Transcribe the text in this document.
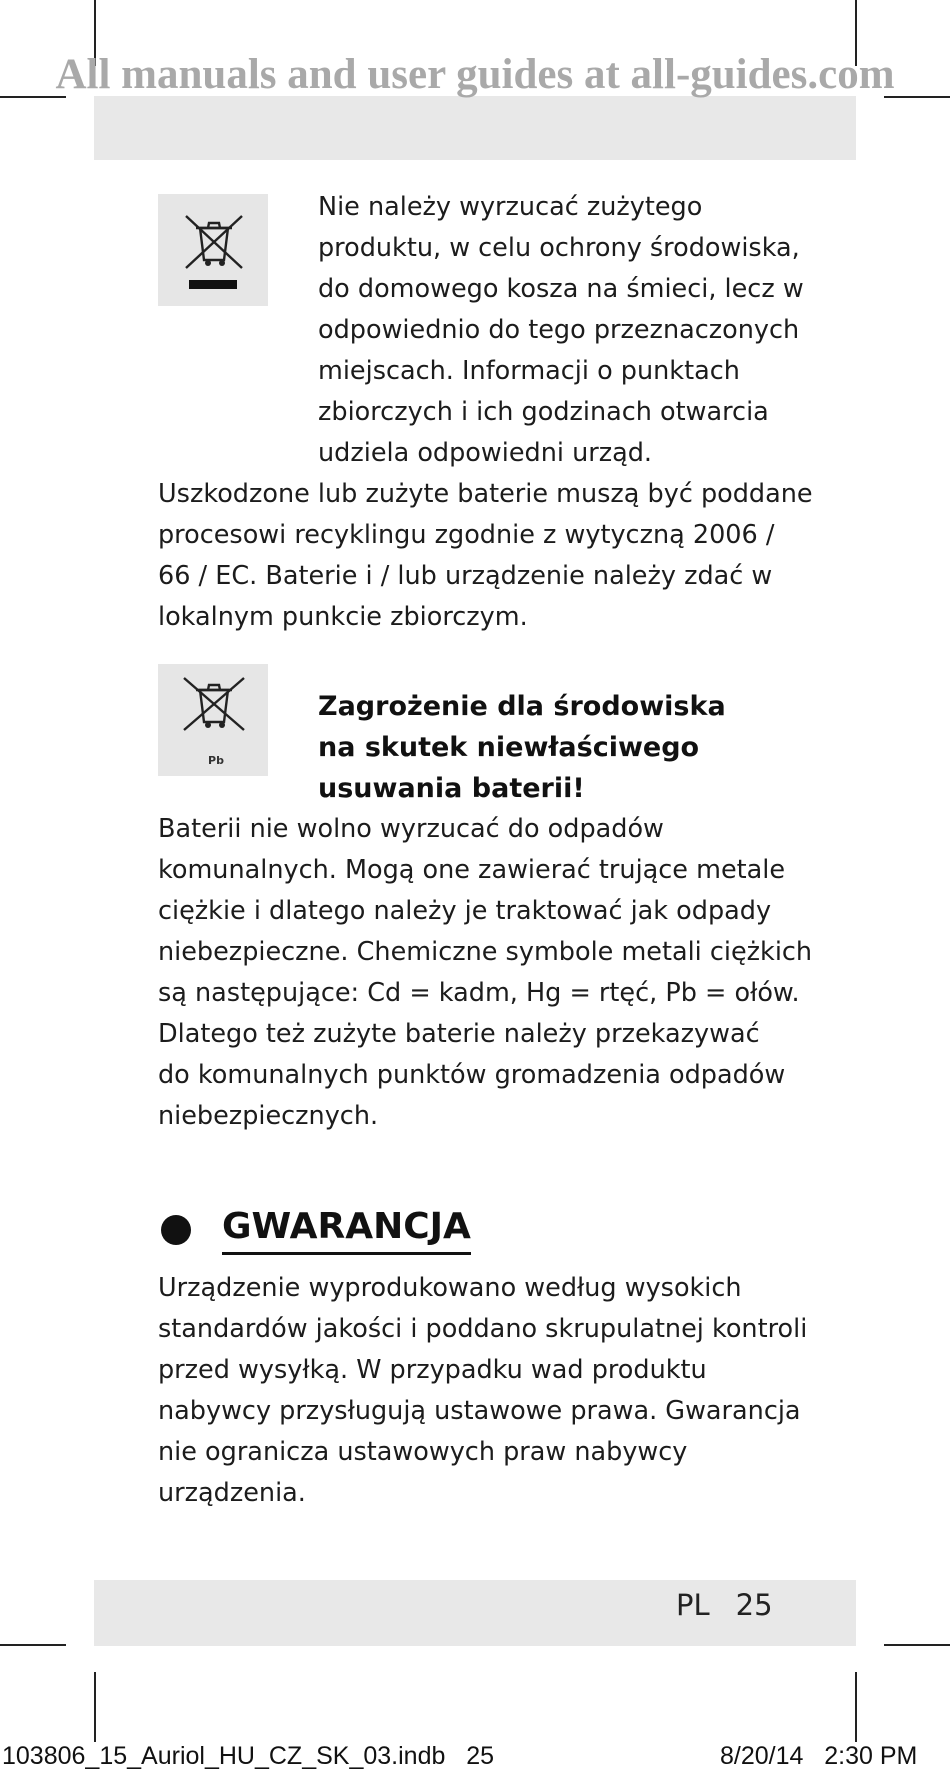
All manuals and user guides at all-guides.com

Nie należy wyrzucać zużytego

produktu, w celu ochrony środowiska,

do domowego kosza na śmieci, lecz w

odpowiednio do tego przeznaczonych

miejscach. Informacji o punktach

zbiorczych i ich godzinach otwarcia

udziela odpowiedni urząd.

Uszkodzone lub zużyte baterie muszą być poddane

procesowi recyklingu zgodnie z wytyczną 2006 /

66 / EC. Baterie i / lub urządzenie należy zdać w

lokalnym punkcie zbiorczym.

Pb
Zagrożenie dla środowiska
na skutek niewłaściwego
usuwania baterii!

Baterii nie wolno wyrzucać do odpadów

komunalnych. Mogą one zawierać trujące metale

ciężkie i dlatego należy je traktować jak odpady

niebezpieczne. Chemiczne symbole metali ciężkich

są następujące: Cd = kadm, Hg = rtęć, Pb = ołów.

Dlatego też zużyte baterie należy przekazywać

do komunalnych punktów gromadzenia odpadów

niebezpiecznych.

GWARANCJA

Urządzenie wyprodukowano według wysokich

standardów jakości i poddano skrupulatnej kontroli

przed wysyłką. W przypadku wad produktu

nabywcy przysługują ustawowe prawa. Gwarancja

nie ogranicza ustawowych praw nabywcy

urządzenia.

PL 25
103806_15_Auriol_HU_CZ_SK_03.indb   25	8/20/14   2:30 PM
